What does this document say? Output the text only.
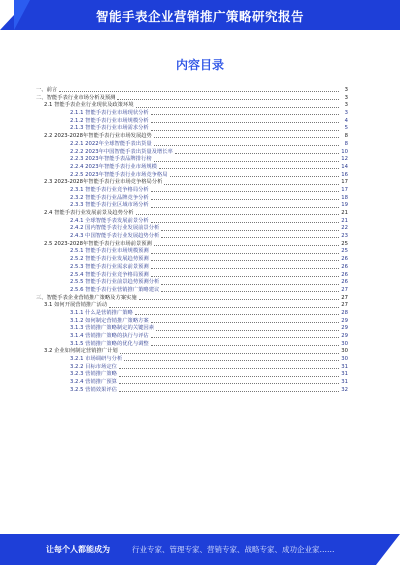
智能手表企业营销推广策略研究报告
内容目录
一、前言	3
二、智能手表行业市场分析及预测	3
2.1 智能手表企业行业现状及政策环境	3
2.1.1 智能手表行业市场现状分析	3
2.1.2 智能手表行业市场规模分析	4
2.1.3 智能手表行业市场需求分析	5
2.2 2023-2028年智能手表行业市场发展趋势	8
2.2.1 2022年全球智能手表出货量	8
2.2.2 2023年中国智能手表出货量及增长率	10
2.2.3 2023年智能手表品牌排行榜	12
2.2.4 2023年智能手表行业市场规模	14
2.2.5 2023年智能手表行业市场竞争格局	16
2.3 2023-2028年智能手表行业市场竞争格局分析	17
2.3.1 智能手表行业竞争格局分析	17
2.3.2 智能手表行业品牌竞争分析	18
2.3.3 智能手表行业区域市场分析	19
2.4 智能手表行业发展前景及趋势分析	21
2.4.1 全球智能手表发展前景分析	21
2.4.2 国内智能手表行业发展前景分析	22
2.4.3 中国智能手表行业发展趋势分析	23
2.5 2023-2028年智能手表行业市场前景预测	25
2.5.1 智能手表行业市场规模预测	25
2.5.2 智能手表行业发展趋势预测	26
2.5.3 智能手表行业需求前景预测	26
2.5.4 智能手表行业竞争格局预测	26
2.5.5 智能手表行业前景趋势预测分析	26
2.5.6 智能手表行业营销推广策略建议	27
三、智能手表企业营销推广策略及方案实施	27
3.1 如何开展营销推广活动	27
3.1.1 什么是营销推广策略	28
3.1.2 如何制定营销推广策略方案	29
3.1.3 营销推广策略制定的关键因素	29
3.1.4 营销推广策略的执行与评估	29
3.1.5 营销推广策略的优化与调整	30
3.2 企业如何制定营销推广计划	30
3.2.1 市场调研与分析	30
3.2.2 目标市场定位	31
3.2.3 营销推广策略	31
3.2.4 营销推广预算	31
3.2.5 营销效果评估	32
让每个人都能成为	行业专家、管理专家、营销专家、战略专家、成功企业家……
